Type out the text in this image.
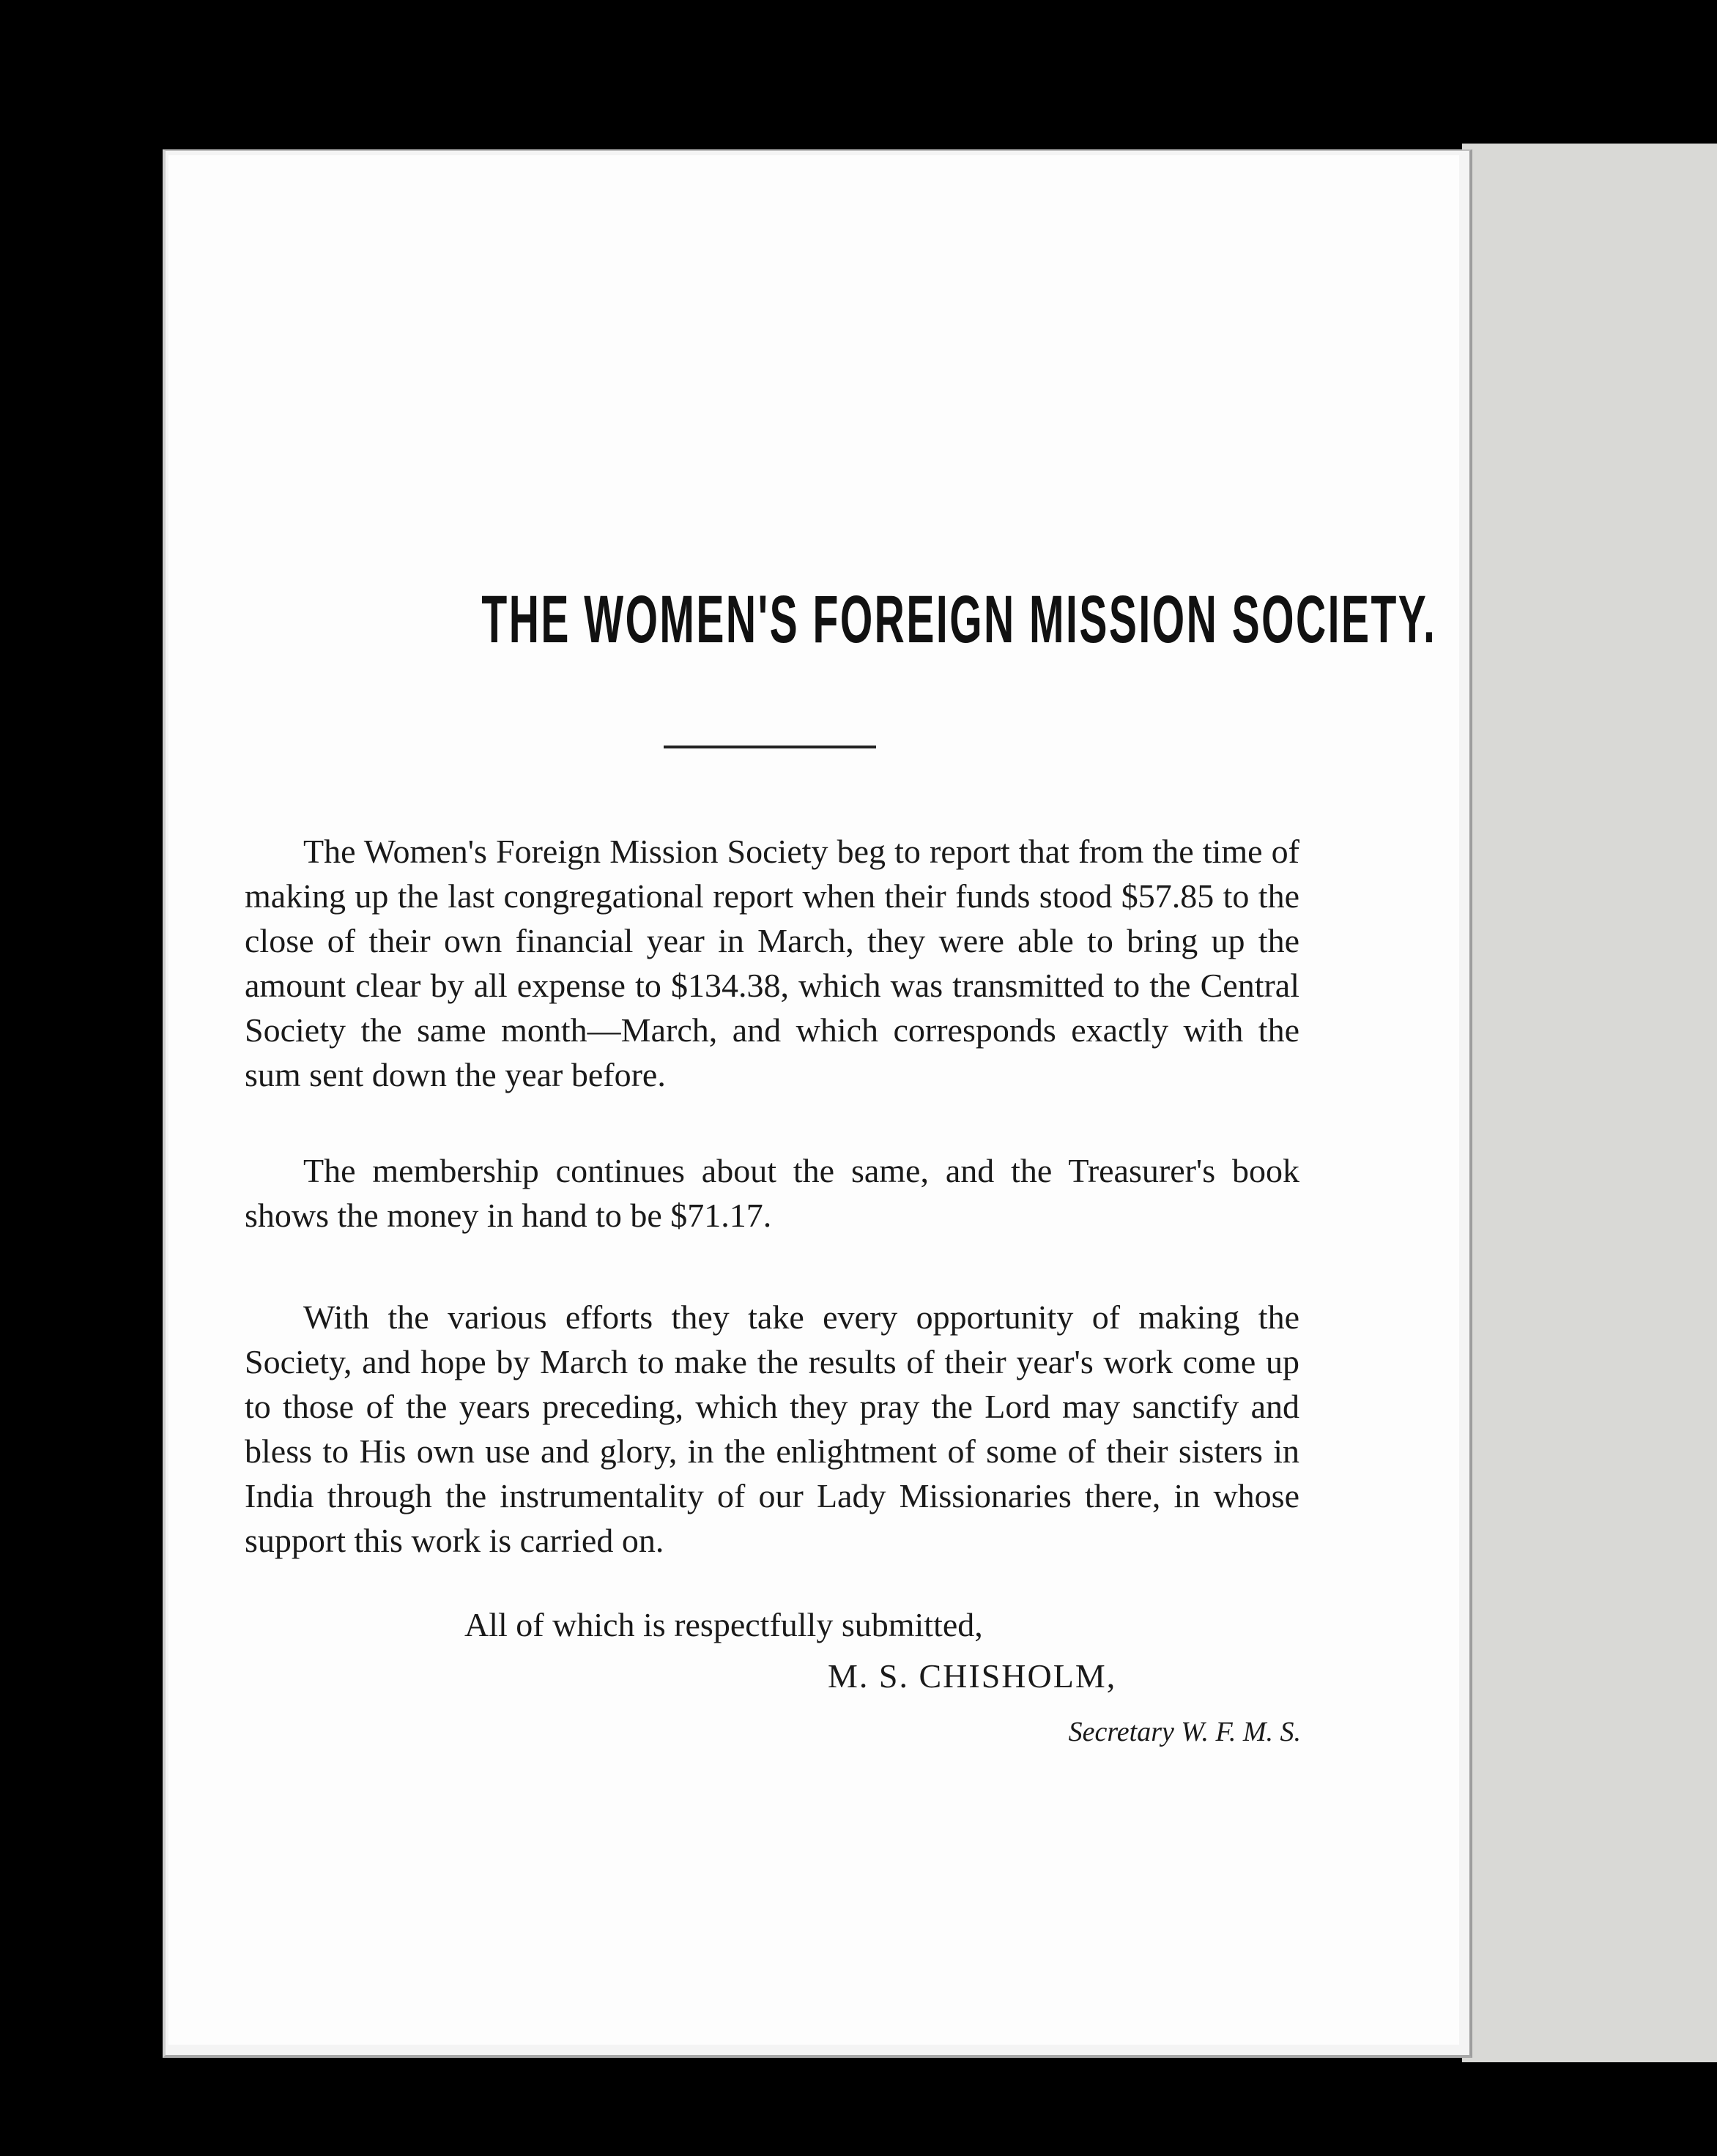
THE WOMEN'S FOREIGN MISSION SOCIETY.

The Women's Foreign Mission Society beg to report that from the time of making up the last congregational report when their funds stood $57.85 to the close of their own financial year in March, they were able to bring up the amount clear by all expense to $134.38, which was transmitted to the Central Society the same month—March, and which corresponds exactly with the sum sent down the year before.

The membership continues about the same, and the Treasurer's book shows the money in hand to be $71.17.

With the various efforts they take every opportunity of making the Society, and hope by March to make the results of their year's work come up to those of the years preceding, which they pray the Lord may sanctify and bless to His own use and glory, in the enlightment of some of their sisters in India through the instrumentality of our Lady Missionaries there, in whose support this work is carried on.

All of which is respectfully submitted,
M. S. CHISHOLM,
Secretary W. F. M. S.
